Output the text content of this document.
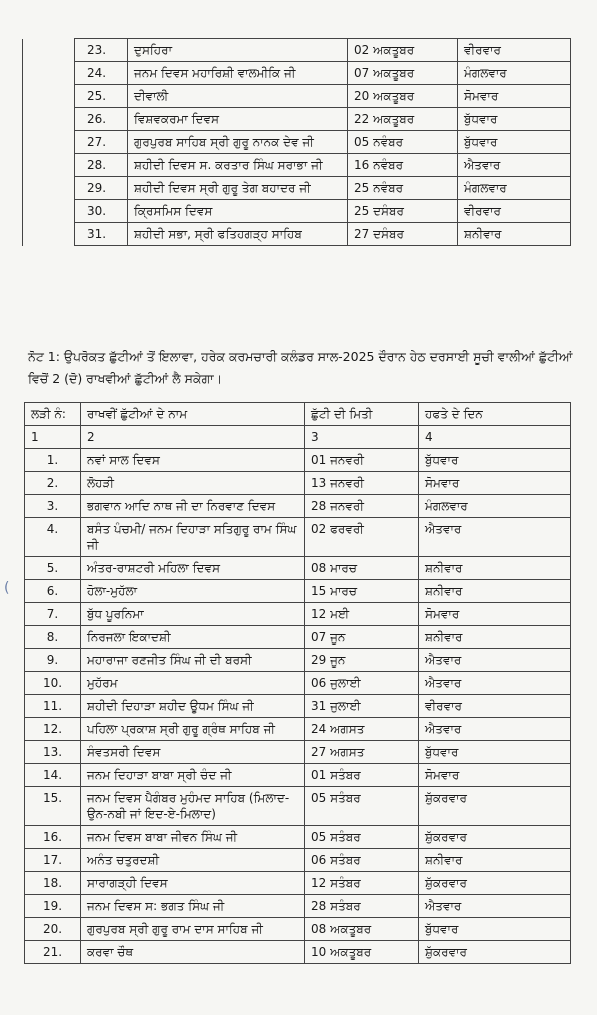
	23.	ਦੁਸਹਿਰਾ	02 ਅਕਤੂਬਰ	ਵੀਰਵਾਰ
	24.	ਜਨਮ ਦਿਵਸ ਮਹਾਰਿਸ਼ੀ ਵਾਲਮੀਕਿ ਜੀ	07 ਅਕਤੂਬਰ	ਮੰਗਲਵਾਰ
	25.	ਦੀਵਾਲੀ	20 ਅਕਤੂਬਰ	ਸੋਮਵਾਰ
	26.	ਵਿਸ਼ਵਕਰਮਾ ਦਿਵਸ	22 ਅਕਤੂਬਰ	ਬੁੱਧਵਾਰ
	27.	ਗੁਰਪੁਰਬ ਸਾਹਿਬ ਸ੍ਰੀ ਗੁਰੂ ਨਾਨਕ ਦੇਵ ਜੀ	05 ਨਵੰਬਰ	ਬੁੱਧਵਾਰ
	28.	ਸ਼ਹੀਦੀ ਦਿਵਸ ਸ. ਕਰਤਾਰ ਸਿੰਘ ਸਰਾਭਾ ਜੀ	16 ਨਵੰਬਰ	ਐਤਵਾਰ
	29.	ਸ਼ਹੀਦੀ ਦਿਵਸ ਸ੍ਰੀ ਗੁਰੂ ਤੇਗ ਬਹਾਦਰ ਜੀ	25 ਨਵੰਬਰ	ਮੰਗਲਵਾਰ
	30.	ਕ੍ਰਿਸਮਿਸ ਦਿਵਸ	25 ਦਸੰਬਰ	ਵੀਰਵਾਰ
	31.	ਸ਼ਹੀਦੀ ਸਭਾ, ਸ੍ਰੀ ਫਤਿਹਗੜ੍ਹ ਸਾਹਿਬ	27 ਦਸੰਬਰ	ਸ਼ਨੀਵਾਰ
ਨੋਟ 1: ਉਪਰੋਕਤ ਛੁੱਟੀਆਂ ਤੋਂ ਇਲਾਵਾ, ਹਰੇਕ ਕਰਮਚਾਰੀ ਕਲੰਡਰ ਸਾਲ-2025 ਦੌਰਾਨ ਹੇਠ ਦਰਸਾਈ ਸੂਚੀ ਵਾਲੀਆਂ ਛੁੱਟੀਆਂ ਵਿਚੋਂ 2 (ਦੋ) ਰਾਖਵੀਆਂ ਛੁੱਟੀਆਂ ਲੈ ਸਕੇਗਾ।
ਲੜੀ ਨੰ:	ਰਾਖਵੀਂ ਛੁੱਟੀਆਂ ਦੇ ਨਾਮ	ਛੁੱਟੀ ਦੀ ਮਿਤੀ	ਹਫਤੇ ਦੇ ਦਿਨ
1	2	3	4
1.	ਨਵਾਂ ਸਾਲ ਦਿਵਸ	01 ਜਨਵਰੀ	ਬੁੱਧਵਾਰ
2.	ਲੋਹੜੀ	13 ਜਨਵਰੀ	ਸੋਮਵਾਰ
3.	ਭਗਵਾਨ ਆਦਿ ਨਾਥ ਜੀ ਦਾ ਨਿਰਵਾਣ ਦਿਵਸ	28 ਜਨਵਰੀ	ਮੰਗਲਵਾਰ
4.	ਬਸੰਤ ਪੰਚਮੀ/ ਜਨਮ ਦਿਹਾੜਾ ਸਤਿਗੁਰੂ ਰਾਮ ਸਿੰਘ ਜੀ	02 ਫਰਵਰੀ	ਐਤਵਾਰ
5.	ਅੰਤਰ-ਰਾਸ਼ਟਰੀ ਮਹਿਲਾ ਦਿਵਸ	08 ਮਾਰਚ	ਸ਼ਨੀਵਾਰ
6.	ਹੋਲਾ-ਮੁਹੱਲਾ	15 ਮਾਰਚ	ਸ਼ਨੀਵਾਰ
7.	ਬੁੱਧ ਪੂਰਨਿਮਾ	12 ਮਈ	ਸੋਮਵਾਰ
8.	ਨਿਰਜਲਾ ਇਕਾਦਸ਼ੀ	07 ਜੂਨ	ਸ਼ਨੀਵਾਰ
9.	ਮਹਾਰਾਜਾ ਰਣਜੀਤ ਸਿੰਘ ਜੀ ਦੀ ਬਰਸੀ	29 ਜੂਨ	ਐਤਵਾਰ
10.	ਮੁਹੱਰਮ	06 ਜੁਲਾਈ	ਐਤਵਾਰ
11.	ਸ਼ਹੀਦੀ ਦਿਹਾੜਾ ਸ਼ਹੀਦ ਊਧਮ ਸਿੰਘ ਜੀ	31 ਜੁਲਾਈ	ਵੀਰਵਾਰ
12.	ਪਹਿਲਾ ਪ੍ਰਕਾਸ਼ ਸ੍ਰੀ ਗੁਰੂ ਗ੍ਰੰਥ ਸਾਹਿਬ ਜੀ	24 ਅਗਸਤ	ਐਤਵਾਰ
13.	ਸੰਵਤਸਰੀ ਦਿਵਸ	27 ਅਗਸਤ	ਬੁੱਧਵਾਰ
14.	ਜਨਮ ਦਿਹਾੜਾ ਬਾਬਾ ਸ੍ਰੀ ਚੰਦ ਜੀ	01 ਸਤੰਬਰ	ਸੋਮਵਾਰ
15.	ਜਨਮ ਦਿਵਸ ਪੈਗੰਬਰ ਮੁਹੰਮਦ ਸਾਹਿਬ (ਮਿਲਾਦ-ਉਨ-ਨਬੀ ਜਾਂ ਇਦ-ਏ-ਮਿਲਾਦ)	05 ਸਤੰਬਰ	ਸ਼ੁੱਕਰਵਾਰ
16.	ਜਨਮ ਦਿਵਸ ਬਾਬਾ ਜੀਵਨ ਸਿੰਘ ਜੀ	05 ਸਤੰਬਰ	ਸ਼ੁੱਕਰਵਾਰ
17.	ਅਨੰਤ ਚਤੁਰਦਸ਼ੀ	06 ਸਤੰਬਰ	ਸ਼ਨੀਵਾਰ
18.	ਸਾਰਾਗੜ੍ਹੀ ਦਿਵਸ	12 ਸਤੰਬਰ	ਸ਼ੁੱਕਰਵਾਰ
19.	ਜਨਮ ਦਿਵਸ ਸ: ਭਗਤ ਸਿੰਘ ਜੀ	28 ਸਤੰਬਰ	ਐਤਵਾਰ
20.	ਗੁਰਪੁਰਬ ਸ੍ਰੀ ਗੁਰੂ ਰਾਮ ਦਾਸ ਸਾਹਿਬ ਜੀ	08 ਅਕਤੂਬਰ	ਬੁੱਧਵਾਰ
21.	ਕਰਵਾ ਚੌਥ	10 ਅਕਤੂਬਰ	ਸ਼ੁੱਕਰਵਾਰ
(
